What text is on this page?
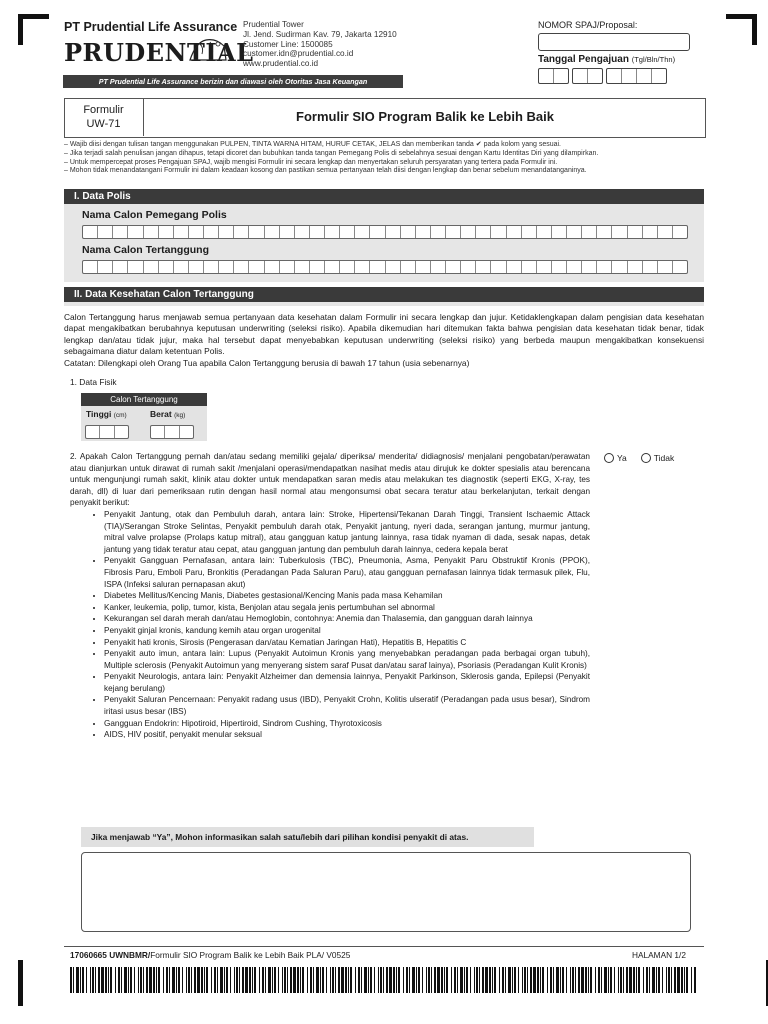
PT Prudential Life Assurance
PRUDENTIAL
Prudential Tower
Jl. Jend. Sudirman Kav. 79, Jakarta 12910
Customer Line: 1500085
customer.idn@prudential.co.id
www.prudential.co.id
PT Prudential Life Assurance berizin dan diawasi oleh Otoritas Jasa Keuangan
NOMOR SPAJ/Proposal:
Tanggal Pengajuan (Tgl/Bln/Thn)
Formulir
UW-71	Formulir SIO Program Balik ke Lebih Baik
– Wajib diisi dengan tulisan tangan menggunakan PULPEN, TINTA WARNA HITAM, HURUF CETAK, JELAS dan memberikan tanda ✔ pada kolom yang sesuai.
– Jika terjadi salah penulisan jangan dihapus, tetapi dicoret dan bubuhkan tanda tangan Pemegang Polis di sebelahnya sesuai dengan Kartu Identitas Diri yang dilampirkan.
– Untuk mempercepat proses Pengajuan SPAJ, wajib mengisi Formulir ini secara lengkap dan menyertakan seluruh persyaratan yang tertera pada Formulir ini.
– Mohon tidak menandatangani Formulir ini dalam keadaan kosong dan pastikan semua pertanyaan telah diisi dengan lengkap dan benar sebelum menandatanganinya.
I. Data Polis
Nama Calon Pemegang Polis
Nama Calon Tertanggung
II. Data Kesehatan Calon Tertanggung
Calon Tertanggung harus menjawab semua pertanyaan data kesehatan dalam Formulir ini secara lengkap dan jujur. Ketidaklengkapan dalam pengisian data kesehatan dapat mengakibatkan berubahnya keputusan underwriting (seleksi risiko). Apabila dikemudian hari ditemukan fakta bahwa pengisian data kesehatan tidak benar, tidak lengkap dan/atau tidak jujur, maka hal tersebut dapat menyebabkan keputusan underwriting (seleksi risiko) yang berbeda maupun mengakibatkan konsekuensi sebagaimana diatur dalam ketentuan Polis.
Catatan: Dilengkapi oleh Orang Tua apabila Calon Tertanggung berusia di bawah 17 tahun (usia sebenarnya)
1. Data Fisik
Calon Tertanggung
Tinggi (cm)	Berat (kg)
2. Apakah Calon Tertanggung pernah dan/atau sedang memiliki gejala/ diperiksa/ menderita/ didiagnosis/ menjalani pengobatan/perawatan atau dianjurkan untuk dirawat di rumah sakit /menjalani operasi/mendapatkan nasihat medis atau dirujuk ke dokter spesialis atau berencana untuk mengunjungi rumah sakit, klinik atau dokter untuk mendapatkan saran medis atau melakukan tes diagnostik (seperti EKG, X-ray, tes darah, dll) di luar dari pemeriksaan rutin dengan hasil normal atau mengonsumsi obat secara teratur atau berkelanjutan, terkait dengan penyakit berikut:
• Penyakit Jantung, otak dan Pembuluh darah, antara lain: Stroke, Hipertensi/Tekanan Darah Tinggi, Transient Ischaemic Attack (TIA)/Serangan Stroke Selintas, Penyakit pembuluh darah otak, Penyakit jantung, nyeri dada, serangan jantung, murmur jantung, mitral valve prolapse (Prolaps katup mitral), atau gangguan katup jantung lainnya, rasa tidak nyaman di dada, sesak napas, detak jantung yang tidak teratur atau cepat, atau gangguan jantung dan pembuluh darah lainnya, cedera kepala berat
• Penyakit Gangguan Pernafasan, antara lain: Tuberkulosis (TBC), Pneumonia, Asma, Penyakit Paru Obstruktif Kronis (PPOK), Fibrosis Paru, Emboli Paru, Bronkitis (Peradangan Pada Saluran Paru), atau gangguan pernafasan lainnya tidak termasuk pilek, Flu, ISPA (Infeksi saluran pernapasan akut)
• Diabetes Mellitus/Kencing Manis, Diabetes gestasional/Kencing Manis pada masa Kehamilan
• Kanker, leukemia, polip, tumor, kista, Benjolan atau segala jenis pertumbuhan sel abnormal
• Kekurangan sel darah merah dan/atau Hemoglobin, contohnya: Anemia dan Thalasemia, dan gangguan darah lainnya
• Penyakit ginjal kronis, kandung kemih atau organ urogenital
• Penyakit hati kronis, Sirosis (Pengerasan dan/atau Kematian Jaringan Hati), Hepatitis B, Hepatitis C
• Penyakit auto imun, antara lain: Lupus (Penyakit Autoimun Kronis yang menyebabkan peradangan pada berbagai organ tubuh), Multiple sclerosis (Penyakit Autoimun yang menyerang sistem saraf Pusat dan/atau saraf lainya), Psoriasis (Peradangan Kulit Kronis)
• Penyakit Neurologis, antara lain: Penyakit Alzheimer dan demensia lainnya, Penyakit Parkinson, Sklerosis ganda, Epilepsi (Penyakit kejang berulang)
• Penyakit Saluran Pencernaan: Penyakit radang usus (IBD), Penyakit Crohn, Kolitis ulseratif (Peradangan pada usus besar), Sindrom iritasi usus besar (IBS)
• Gangguan Endokrin: Hipotiroid, Hipertiroid, Sindrom Cushing, Thyrotoxicosis
• AIDS, HIV positif, penyakit menular seksual
Ya	Tidak
Jika menjawab “Ya”, Mohon informasikan salah satu/lebih dari pilihan kondisi penyakit di atas.
17060665 UWNBMR/Formulir SIO Program Balik ke Lebih Baik PLA/ V0525	HALAMAN 1/2
